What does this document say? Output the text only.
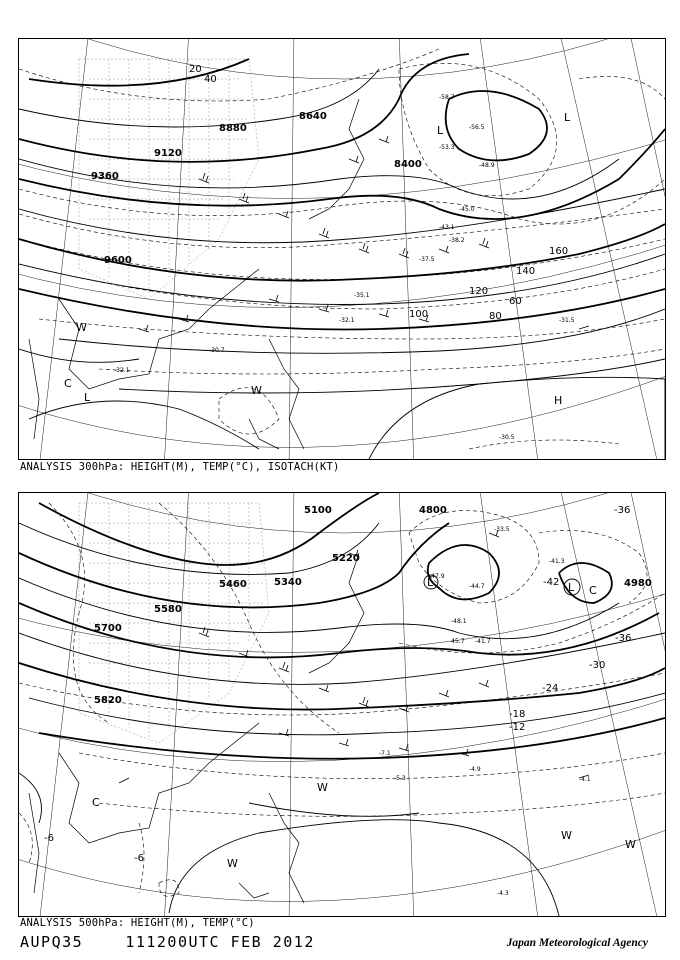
8880
9120
9360
9600
8640
8400
20
40
60
80
100
120
140
160
-58.7
-56.5
-53.3
-48.9
-45.0
-43.1
-38.2
-37.5
-35.1
-32.1	-31.5
-30.5
-30.7
-32.1
L
L
L	H
C
W
W
ANALYSIS 300hPa: HEIGHT(M), TEMP(°C), ISOTACH(KT)
5100
5220
5340
5460
5580
5700
5820
4980
4800	-36
-42
-36
-30
-24
-18
-12
-6
-6
-47.9
-44.7
-48.1
-45.7 -41.7
-33.5
-41.3
-4.3
-4.9
-4.1
-7.1
-5.3
L	L C
C
W
W
W
W
ANALYSIS 500hPa: HEIGHT(M), TEMP(°C)
AUPQ35	111200UTC FEB 2012	Japan Meteorological Agency
